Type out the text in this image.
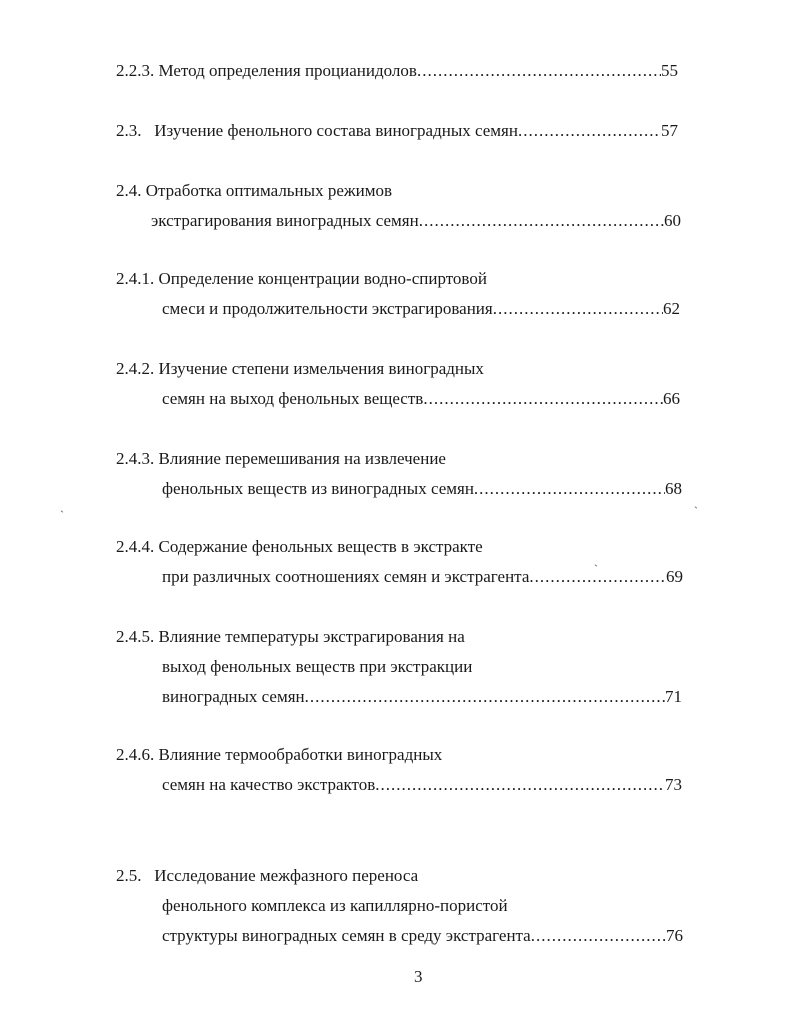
2.2.3. Метод определения процианидолов .....	55
2.3.   Изучение фенольного состава виноградных семян .....	57
2.4. Отработка оптимальных режимов
экстрагирования виноградных семян .....	60
2.4.1. Определение концентрации водно-спиртовой
смеси и продолжительности экстрагирования .....	62
2.4.2. Изучение степени измельчения виноградных
семян на выход фенольных веществ .....	66
2.4.3. Влияние перемешивания на извлечение
фенольных веществ из виноградных семян .....	68
2.4.4. Содержание фенольных веществ в экстракте
при различных соотношениях семян и экстрагента .....	69
2.4.5. Влияние температуры экстрагирования на
выход фенольных веществ при экстракции
виноградных семян .....	71
2.4.6. Влияние термообработки виноградных
семян на качество экстрактов .....	73
2.5.   Исследование межфазного переноса
фенольного комплекса из капиллярно-пористой
структуры виноградных семян в среду экстрагента .....	76
3
ˎ	ˏ
ˏ
